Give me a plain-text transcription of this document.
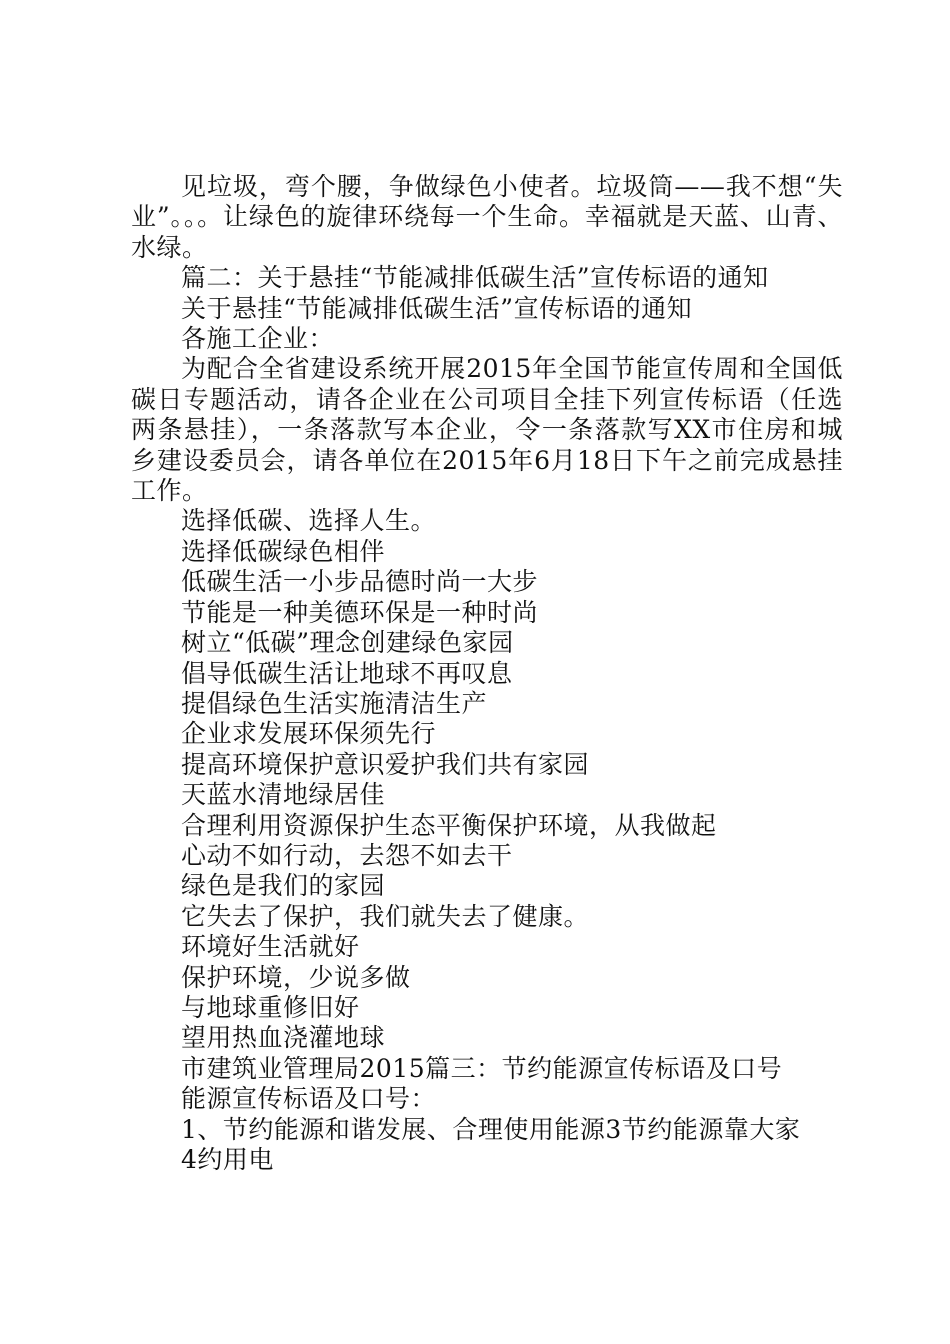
见垃圾，弯个腰，争做绿色小使者。垃圾筒——我不想“失业”。。。让绿色的旋律环绕每一个生命。幸福就是天蓝、山青、水绿。

篇二：关于悬挂“节能减排低碳生活”宣传标语的通知

关于悬挂“节能减排低碳生活”宣传标语的通知

各施工企业：

为配合全省建设系统开展2015年全国节能宣传周和全国低碳日专题活动，请各企业在公司项目全挂下列宣传标语（任选两条悬挂），一条落款写本企业，令一条落款写XX市住房和城乡建设委员会，请各单位在2015年6月18日下午之前完成悬挂工作。

选择低碳、选择人生。

选择低碳绿色相伴

低碳生活一小步品德时尚一大步

节能是一种美德环保是一种时尚

树立“低碳”理念创建绿色家园

倡导低碳生活让地球不再叹息

提倡绿色生活实施清洁生产

企业求发展环保须先行

提高环境保护意识爱护我们共有家园

天蓝水清地绿居佳

合理利用资源保护生态平衡保护环境，从我做起

心动不如行动，去怨不如去干

绿色是我们的家园

它失去了保护，我们就失去了健康。

环境好生活就好

保护环境，少说多做

与地球重修旧好

望用热血浇灌地球

市建筑业管理局2015篇三：节约能源宣传标语及口号

能源宣传标语及口号：

1、节约能源和谐发展、合理使用能源3节约能源靠大家

4约用电
